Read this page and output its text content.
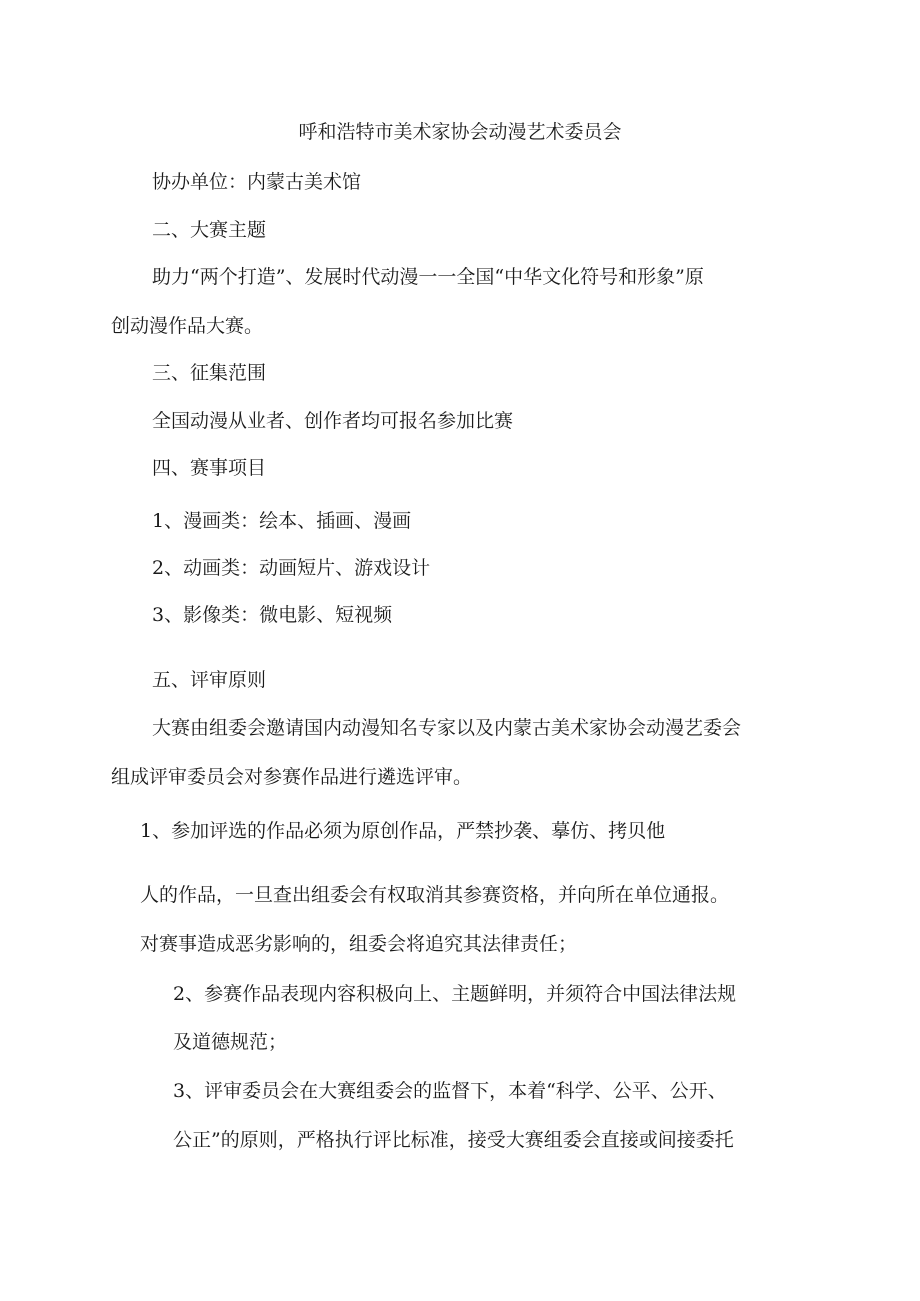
呼和浩特市美术家协会动漫艺术委员会

协办单位：内蒙古美术馆

二、大赛主题

助力“两个打造”、发展时代动漫一一全国“中华文化符号和形象”原

创动漫作品大赛。

三、征集范围

全国动漫从业者、创作者均可报名参加比赛

四、赛事项目

1、漫画类：绘本、插画、漫画

2、动画类：动画短片、游戏设计

3、影像类：微电影、短视频

五、评审原则

大赛由组委会邀请国内动漫知名专家以及内蒙古美术家协会动漫艺委会

组成评审委员会对参赛作品进行遴选评审。

1、参加评选的作品必须为原创作品，严禁抄袭、摹仿、拷贝他

人的作品，一旦查出组委会有权取消其参赛资格，并向所在单位通报。

对赛事造成恶劣影响的，组委会将追究其法律责任；

2、参赛作品表现内容积极向上、主题鲜明，并须符合中国法律法规

及道德规范；

3、评审委员会在大赛组委会的监督下，本着“科学、公平、公开、

公正”的原则，严格执行评比标准，接受大赛组委会直接或间接委托
